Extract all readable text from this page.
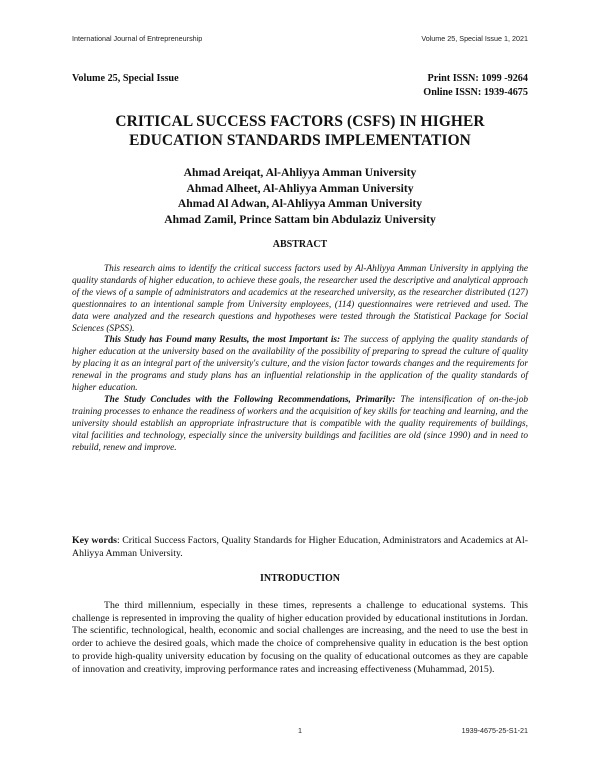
International Journal of Entrepreneurship	Volume 25, Special Issue 1, 2021
Volume 25, Special Issue	Print ISSN: 1099 -9264
Online ISSN: 1939-4675
CRITICAL SUCCESS FACTORS (CSFS) IN HIGHER
EDUCATION STANDARDS IMPLEMENTATION
Ahmad Areiqat, Al-Ahliyya Amman University
Ahmad Alheet, Al-Ahliyya Amman University
Ahmad Al Adwan, Al-Ahliyya Amman University
Ahmad Zamil, Prince Sattam bin Abdulaziz University
ABSTRACT

This research aims to identify the critical success factors used by Al-Ahliyya Amman University in applying the quality standards of higher education, to achieve these goals, the researcher used the descriptive and analytical approach of the views of a sample of administrators and academics at the researched university, as the researcher distributed (127) questionnaires to an intentional sample from University employees, (114) questionnaires were retrieved and used. The data were analyzed and the research questions and hypotheses were tested through the Statistical Package for Social Sciences (SPSS).

This Study has Found many Results, the most Important is: The success of applying the quality standards of higher education at the university based on the availability of the possibility of preparing to spread the culture of quality by placing it as an integral part of the university's culture, and the vision factor towards changes and the requirements for renewal in the programs and study plans has an influential relationship in the application of the quality standards of higher education.

The Study Concludes with the Following Recommendations, Primarily: The intensification of on-the-job training processes to enhance the readiness of workers and the acquisition of key skills for teaching and learning, and the university should establish an appropriate infrastructure that is compatible with the quality requirements of buildings, vital facilities and technology, especially since the university buildings and facilities are old (since 1990) and in need to rebuild, renew and improve.

Key words: Critical Success Factors, Quality Standards for Higher Education, Administrators and Academics at Al-Ahliyya Amman University.
INTRODUCTION

The third millennium, especially in these times, represents a challenge to educational systems. This challenge is represented in improving the quality of higher education provided by educational institutions in Jordan. The scientific, technological, health, economic and social challenges are increasing, and the need to use the best in order to achieve the desired goals, which made the choice of comprehensive quality in education is the best option to provide high-quality university education by focusing on the quality of educational outcomes as they are capable of innovation and creativity, improving performance rates and increasing effectiveness (Muhammad, 2015).

1	1939-4675-25-S1-21
